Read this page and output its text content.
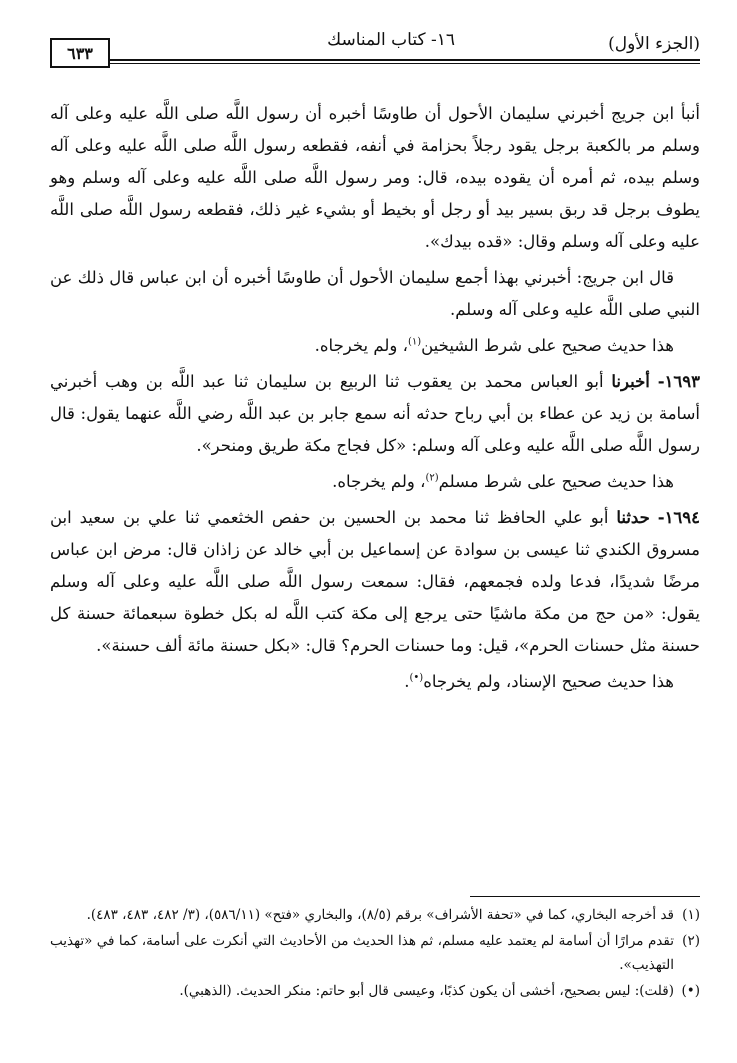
(الجزء الأول)
١٦- كتاب المناسك
٦٣٣

أنبأ ابن جريج أخبرني سليمان الأحول أن طاوسًا أخبره أن رسول اللَّه صلى اللَّه عليه وعلى آله وسلم مر بالكعبة برجل يقود رجلاً بحزامة في أنفه، فقطعه رسول اللَّه صلى اللَّه عليه وعلى آله وسلم بيده، ثم أمره أن يقوده بيده، قال: ومر رسول اللَّه صلى اللَّه عليه وعلى آله وسلم وهو يطوف برجل قد ربق بسير بيد أو رجل أو بخيط أو بشيء غير ذلك، فقطعه رسول اللَّه صلى اللَّه عليه وعلى آله وسلم وقال: «قده بيدك».

قال ابن جريج: أخبرني بهذا أجمع سليمان الأحول أن طاوسًا أخبره أن ابن عباس قال ذلك عن النبي صلى اللَّه عليه وعلى آله وسلم.

هذا حديث صحيح على شرط الشيخين$^{(١)}$، ولم يخرجاه.

١٦٩٣- أخبرنا أبو العباس محمد بن يعقوب ثنا الربيع بن سليمان ثنا عبد اللَّه بن وهب أخبرني أسامة بن زيد عن عطاء بن أبي رباح حدثه أنه سمع جابر بن عبد اللَّه رضي اللَّه عنهما يقول: قال رسول اللَّه صلى اللَّه عليه وعلى آله وسلم: «كل فجاج مكة طريق ومنحر».

هذا حديث صحيح على شرط مسلم$^{(٢)}$، ولم يخرجاه.

١٦٩٤- حدثنا أبو علي الحافظ ثنا محمد بن الحسين بن حفص الخثعمي ثنا علي بن سعيد ابن مسروق الكندي ثنا عيسى بن سوادة عن إسماعيل بن أبي خالد عن زاذان قال: مرض ابن عباس مرضًا شديدًا، فدعا ولده فجمعهم، فقال: سمعت رسول اللَّه صلى اللَّه عليه وعلى آله وسلم يقول: «من حج من مكة ماشيًا حتى يرجع إلى مكة كتب اللَّه له بكل خطوة سبعمائة حسنة كل حسنة مثل حسنات الحرم»، قيل: وما حسنات الحرم؟ قال: «بكل حسنة مائة ألف حسنة».

هذا حديث صحيح الإسناد، ولم يخرجاه(•).

(١)
قد أخرجه البخاري، كما في «تحفة الأشراف» برقم (٨/٥)، والبخاري «فتح» (٥٨٦/١١)، (٣/ ٤٨٢، ٤٨٣، ٤٨٣).
(٢)
تقدم مرارًا أن أسامة لم يعتمد عليه مسلم، ثم هذا الحديث من الأحاديث التي أنكرت على أسامة، كما في «تهذيب التهذيب».
(•)
(قلت): ليس بصحيح، أخشى أن يكون كذبًا، وعيسى قال أبو حاتم: منكر الحديث. (الذهبي).
